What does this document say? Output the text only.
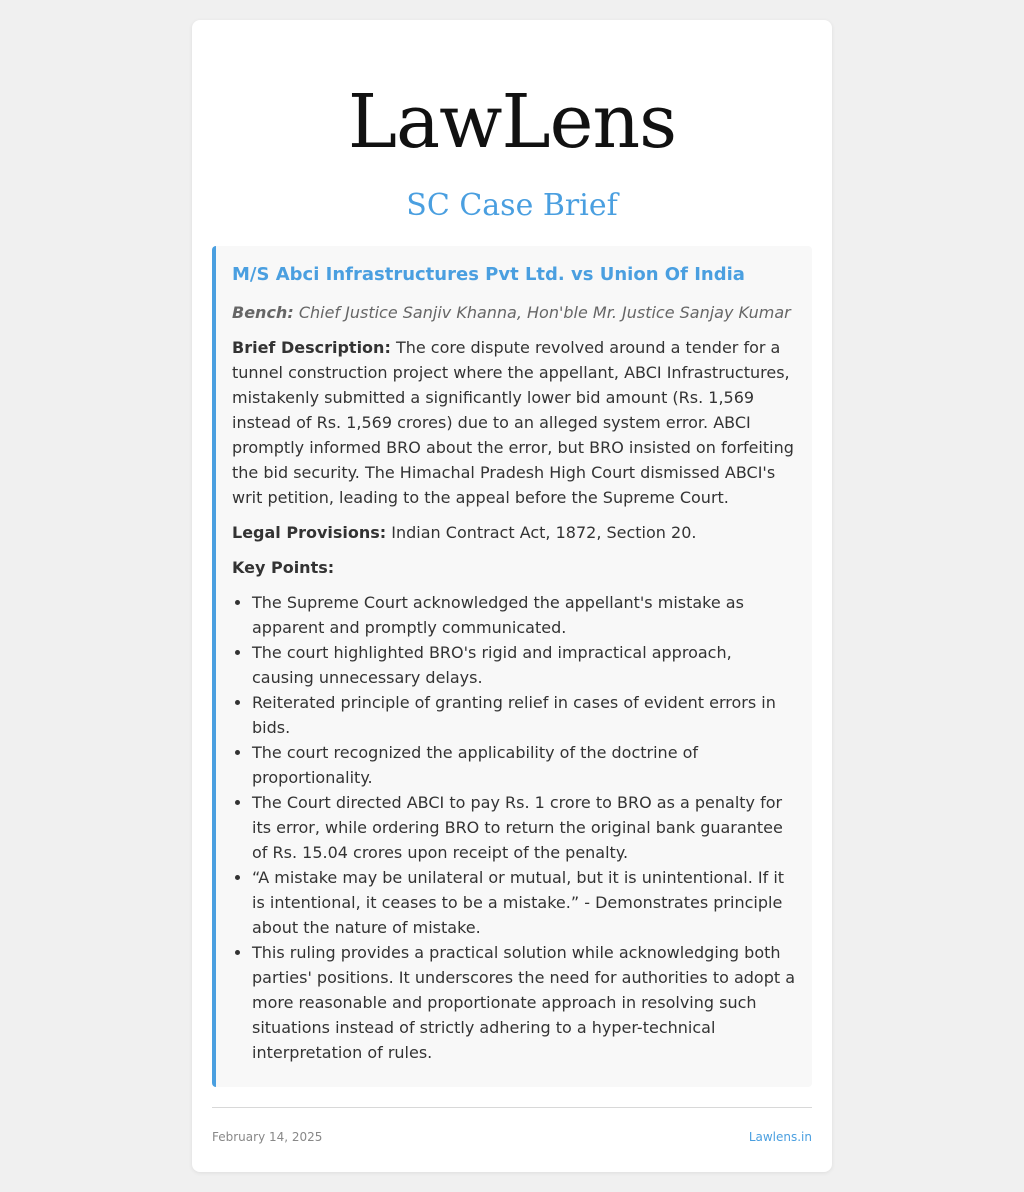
LawLens
SC Case Brief
M/S Abci Infrastructures Pvt Ltd. vs Union Of India

Bench: Chief Justice Sanjiv Khanna, Hon'ble Mr. Justice Sanjay Kumar

Brief Description: The core dispute revolved around a tender for a tunnel construction project where the appellant, ABCI Infrastructures, mistakenly submitted a significantly lower bid amount (Rs. 1,569 instead of Rs. 1,569 crores) due to an alleged system error. ABCI promptly informed BRO about the error, but BRO insisted on forfeiting the bid security. The Himachal Pradesh High Court dismissed ABCI's writ petition, leading to the appeal before the Supreme Court.

Legal Provisions: Indian Contract Act, 1872, Section 20.

Key Points:

• The Supreme Court acknowledged the appellant's mistake as apparent and promptly communicated.
• The court highlighted BRO's rigid and impractical approach, causing unnecessary delays.
• Reiterated principle of granting relief in cases of evident errors in bids.
• The court recognized the applicability of the doctrine of proportionality.
• The Court directed ABCI to pay Rs. 1 crore to BRO as a penalty for its error, while ordering BRO to return the original bank guarantee of Rs. 15.04 crores upon receipt of the penalty.
• “A mistake may be unilateral or mutual, but it is unintentional. If it is intentional, it ceases to be a mistake.” - Demonstrates principle about the nature of mistake.
• This ruling provides a practical solution while acknowledging both parties' positions. It underscores the need for authorities to adopt a more reasonable and proportionate approach in resolving such situations instead of strictly adhering to a hyper-technical interpretation of rules.
February 14, 2025	Lawlens.in
